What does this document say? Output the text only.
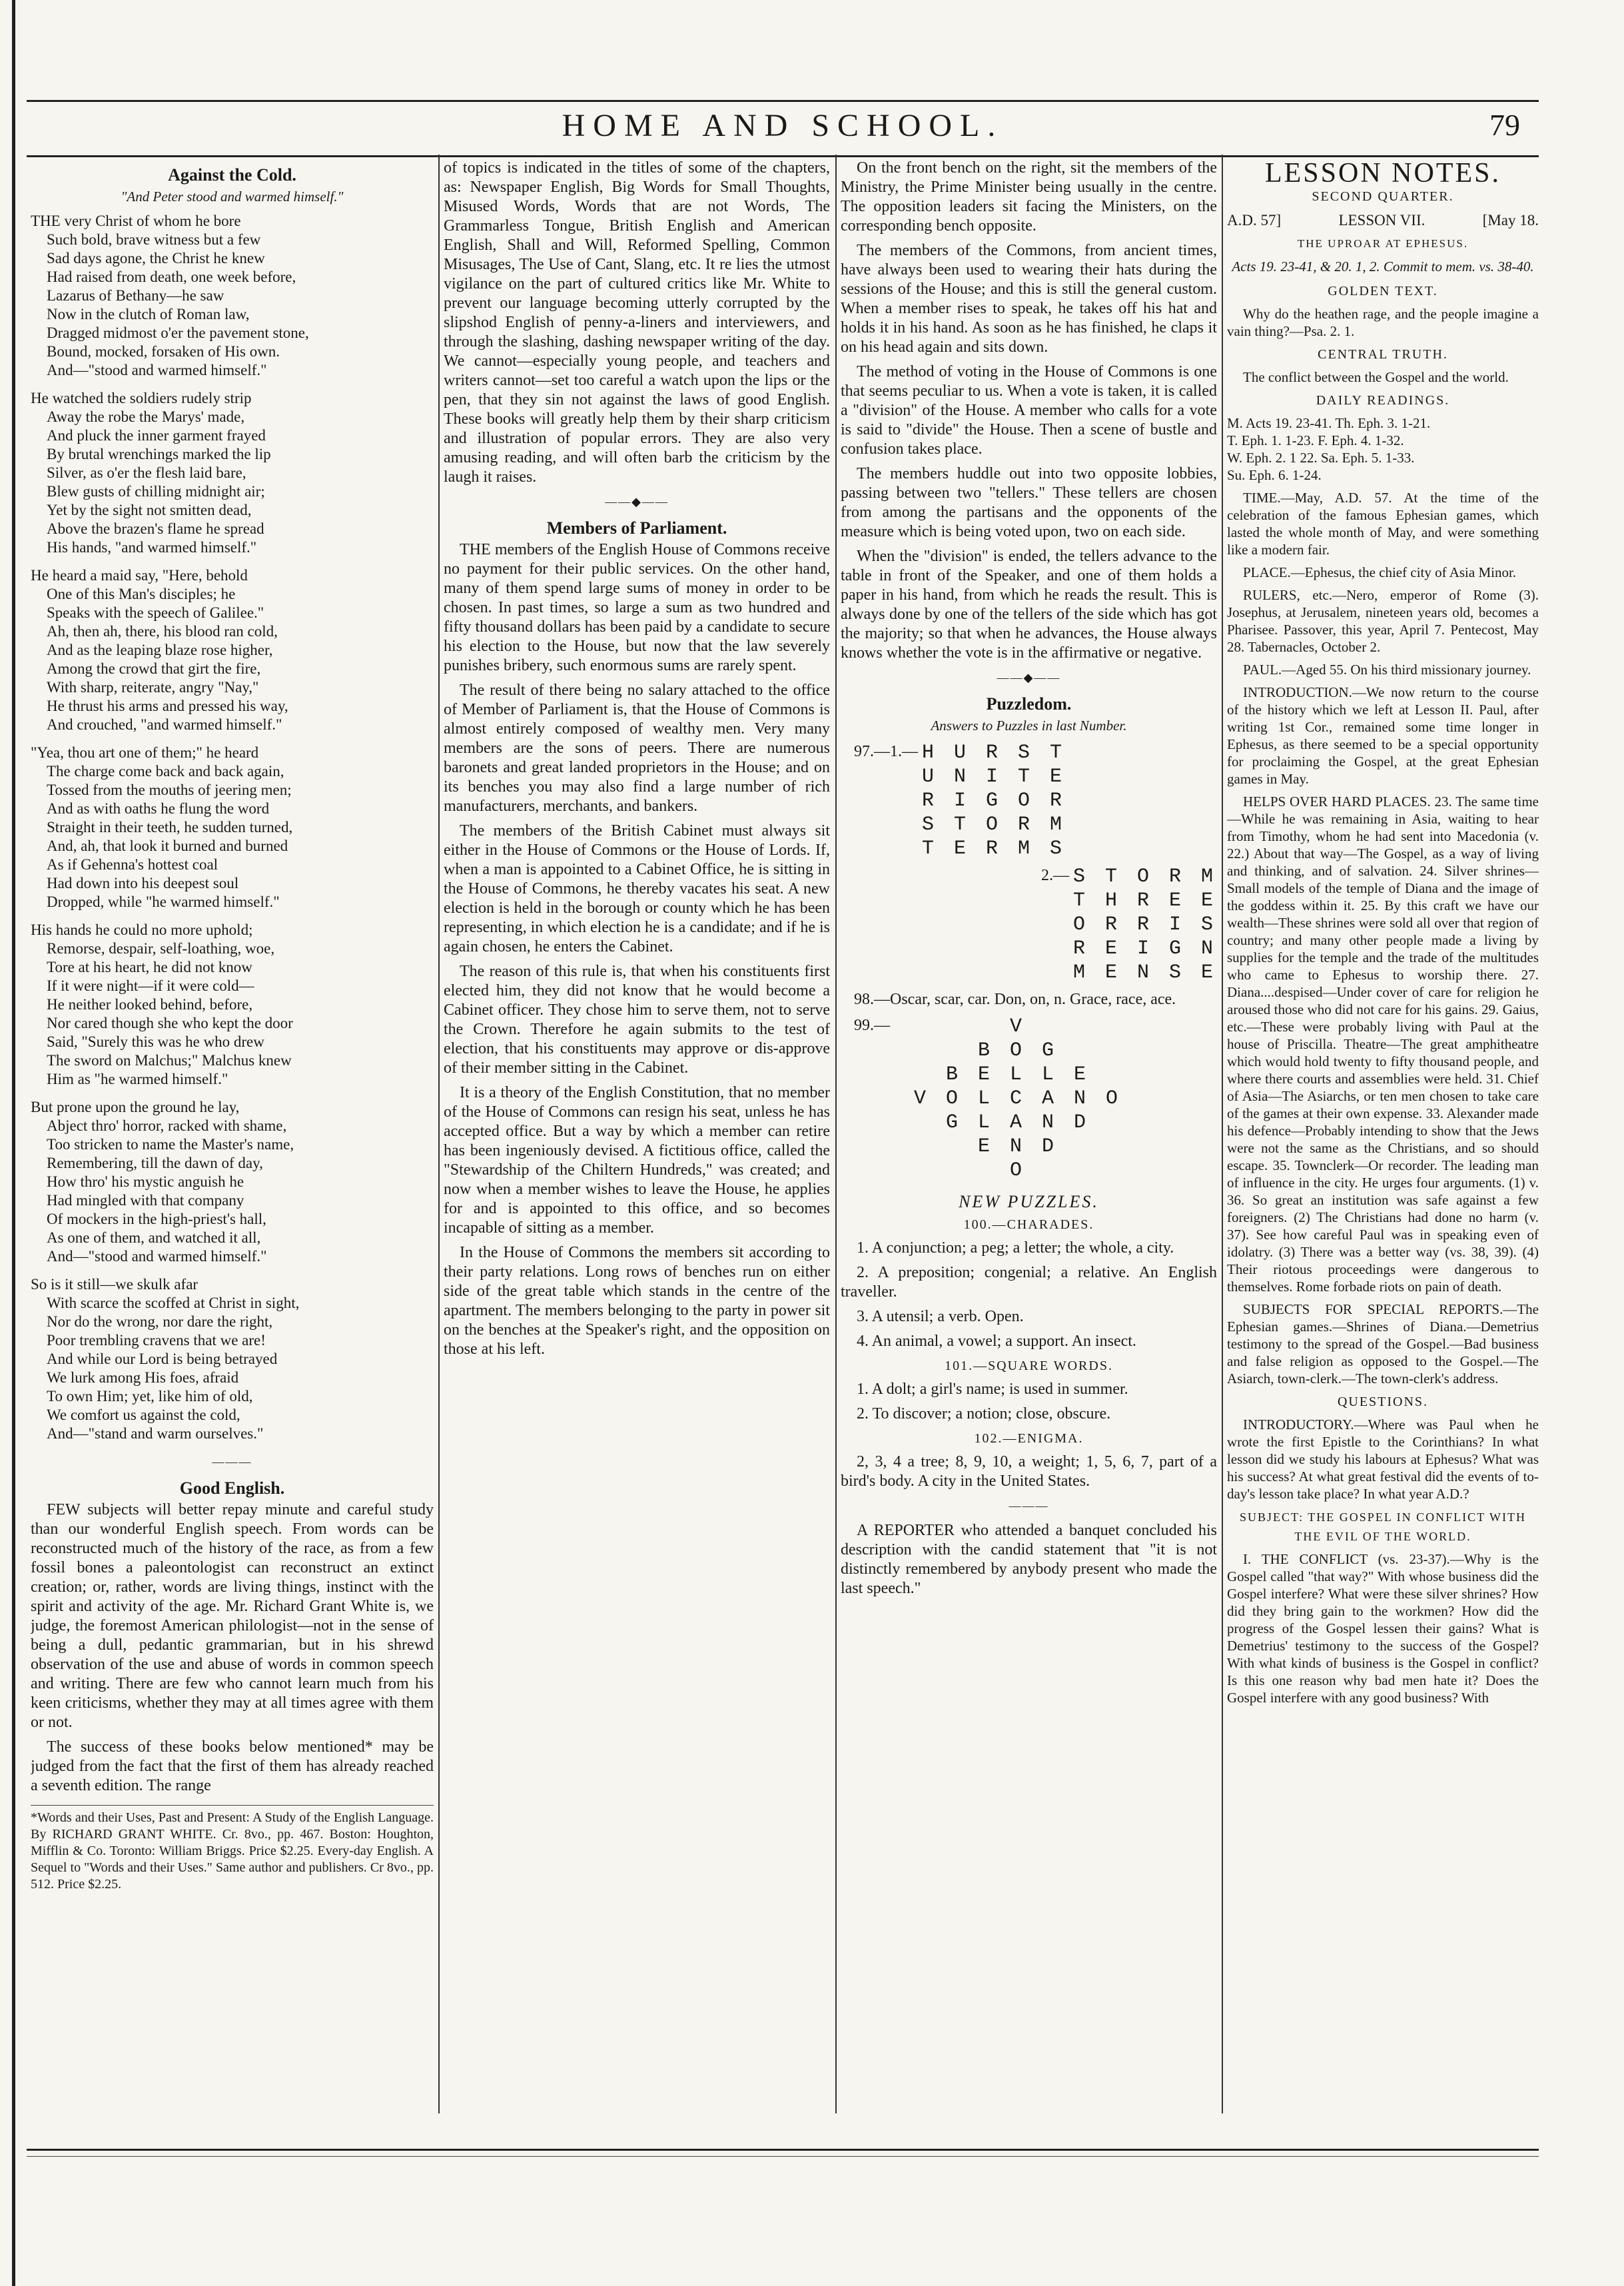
HOME AND SCHOOL.	79
Against the Cold.
"And Peter stood and warmed himself."
THE very Christ of whom he bore
Such bold, brave witness but a few
Sad days agone, the Christ he knew
Had raised from death, one week before,
Lazarus of Bethany—he saw
Now in the clutch of Roman law,
Dragged midmost o'er the pavement stone,
Bound, mocked, forsaken of His own.
And—"stood and warmed himself."
He watched the soldiers rudely strip
Away the robe the Marys' made,
And pluck the inner garment frayed
By brutal wrenchings marked the lip
Silver, as o'er the flesh laid bare,
Blew gusts of chilling midnight air;
Yet by the sight not smitten dead,
Above the brazen's flame he spread
His hands, "and warmed himself."
He heard a maid say, "Here, behold
One of this Man's disciples; he
Speaks with the speech of Galilee."
Ah, then ah, there, his blood ran cold,
And as the leaping blaze rose higher,
Among the crowd that girt the fire,
With sharp, reiterate, angry "Nay,"
He thrust his arms and pressed his way,
And crouched, "and warmed himself."
"Yea, thou art one of them;" he heard
The charge come back and back again,
Tossed from the mouths of jeering men;
And as with oaths he flung the word
Straight in their teeth, he sudden turned,
And, ah, that look it burned and burned
As if Gehenna's hottest coal
Had down into his deepest soul
Dropped, while "he warmed himself."
His hands he could no more uphold;
Remorse, despair, self-loathing, woe,
Tore at his heart, he did not know
If it were night—if it were cold—
He neither looked behind, before,
Nor cared though she who kept the door
Said, "Surely this was he who drew
The sword on Malchus;" Malchus knew
Him as "he warmed himself."
But prone upon the ground he lay,
Abject thro' horror, racked with shame,
Too stricken to name the Master's name,
Remembering, till the dawn of day,
How thro' his mystic anguish he
Had mingled with that company
Of mockers in the high-priest's hall,
As one of them, and watched it all,
And—"stood and warmed himself."
So is it still—we skulk afar
With scarce the scoffed at Christ in sight,
Nor do the wrong, nor dare the right,
Poor trembling cravens that we are!
And while our Lord is being betrayed
We lurk among His foes, afraid
To own Him; yet, like him of old,
We comfort us against the cold,
And—"stand and warm ourselves."
———
Good English.

FEW subjects will better repay minute and careful study than our wonderful English speech. From words can be reconstructed much of the history of the race, as from a few fossil bones a paleontologist can reconstruct an extinct creation; or, rather, words are living things, instinct with the spirit and activity of the age. Mr. Richard Grant White is, we judge, the foremost American philologist—not in the sense of being a dull, pedantic grammarian, but in his shrewd observation of the use and abuse of words in common speech and writing. There are few who cannot learn much from his keen criticisms, whether they may at all times agree with them or not.

The success of these books below mentioned* may be judged from the fact that the first of them has already reached a seventh edition. The range

*Words and their Uses, Past and Present: A Study of the English Language. By RICHARD GRANT WHITE. Cr. 8vo., pp. 467. Boston: Houghton, Mifflin & Co. Toronto: William Briggs. Price $2.25. Every-day English. A Sequel to "Words and their Uses." Same author and publishers. Cr 8vo., pp. 512. Price $2.25.

of topics is indicated in the titles of some of the chapters, as: Newspaper English, Big Words for Small Thoughts, Misused Words, Words that are not Words, The Grammarless Tongue, British English and American English, Shall and Will, Reformed Spelling, Common Misusages, The Use of Cant, Slang, etc. It re lies the utmost vigilance on the part of cultured critics like Mr. White to prevent our language becoming utterly corrupted by the slipshod English of penny-a-liners and interviewers, and through the slashing, dashing newspaper writing of the day. We cannot—especially young people, and teachers and writers cannot—set too careful a watch upon the lips or the pen, that they sin not against the laws of good English. These books will greatly help them by their sharp criticism and illustration of popular errors. They are also very amusing reading, and will often barb the criticism by the laugh it raises.

——◆——
Members of Parliament.

THE members of the English House of Commons receive no payment for their public services. On the other hand, many of them spend large sums of money in order to be chosen. In past times, so large a sum as two hundred and fifty thousand dollars has been paid by a candidate to secure his election to the House, but now that the law severely punishes bribery, such enormous sums are rarely spent.

The result of there being no salary attached to the office of Member of Parliament is, that the House of Commons is almost entirely composed of wealthy men. Very many members are the sons of peers. There are numerous baronets and great landed proprietors in the House; and on its benches you may also find a large number of rich manufacturers, merchants, and bankers.

The members of the British Cabinet must always sit either in the House of Commons or the House of Lords. If, when a man is appointed to a Cabinet Office, he is sitting in the House of Commons, he thereby vacates his seat. A new election is held in the borough or county which he has been representing, in which election he is a candidate; and if he is again chosen, he enters the Cabinet.

The reason of this rule is, that when his constituents first elected him, they did not know that he would become a Cabinet officer. They chose him to serve them, not to serve the Crown. Therefore he again submits to the test of election, that his constituents may approve or dis-approve of their member sitting in the Cabinet.

It is a theory of the English Constitution, that no member of the House of Commons can resign his seat, unless he has accepted office. But a way by which a member can retire has been ingeniously devised. A fictitious office, called the "Stewardship of the Chiltern Hundreds," was created; and now when a member wishes to leave the House, he applies for and is appointed to this office, and so becomes incapable of sitting as a member.

In the House of Commons the members sit according to their party relations. Long rows of benches run on either side of the great table which stands in the centre of the apartment. The members belonging to the party in power sit on the benches at the Speaker's right, and the opposition on those at his left.

On the front bench on the right, sit the members of the Ministry, the Prime Minister being usually in the centre. The opposition leaders sit facing the Ministers, on the corresponding bench opposite.

The members of the Commons, from ancient times, have always been used to wearing their hats during the sessions of the House; and this is still the general custom. When a member rises to speak, he takes off his hat and holds it in his hand. As soon as he has finished, he claps it on his head again and sits down.

The method of voting in the House of Commons is one that seems peculiar to us. When a vote is taken, it is called a "division" of the House. A member who calls for a vote is said to "divide" the House. Then a scene of bustle and confusion takes place.

The members huddle out into two opposite lobbies, passing between two "tellers." These tellers are chosen from among the partisans and the opponents of the measure which is being voted upon, two on each side.

When the "division" is ended, the tellers advance to the table in front of the Speaker, and one of them holds a paper in his hand, from which he reads the result. This is always done by one of the tellers of the side which has got the majority; so that when he advances, the House always knows whether the vote is in the affirmative or negative.

——◆——
Puzzledom.
Answers to Puzzles in last Number.
97.—1.— H U R S T
U N I T E
R I G O R
S T O R M
T E R M S
2.— S T O R M
T H R E E
O R R I S
R E I G N
M E N S E

98.—Oscar, scar, car. Don, on, n. Grace, race, ace.

99.—	V
B O G
B E L L E
V O L C A N O
G L A N D
E N D
O
NEW PUZZLES.
100.—CHARADES.

1. A conjunction; a peg; a letter; the whole, a city.

2. A preposition; congenial; a relative. An English traveller.

3. A utensil; a verb. Open.

4. An animal, a vowel; a support. An insect.

101.—SQUARE WORDS.

1. A dolt; a girl's name; is used in summer.

2. To discover; a notion; close, obscure.

102.—ENIGMA.

2, 3, 4 a tree; 8, 9, 10, a weight; 1, 5, 6, 7, part of a bird's body. A city in the United States.

———

A REPORTER who attended a banquet concluded his description with the candid statement that "it is not distinctly remembered by anybody present who made the last speech."

LESSON NOTES.
SECOND QUARTER.
A.D. 57]	LESSON VII.	[May 18.
THE UPROAR AT EPHESUS.
Acts 19. 23-41, & 20. 1, 2. Commit to mem. vs. 38-40.
GOLDEN TEXT.

Why do the heathen rage, and the people imagine a vain thing?—Psa. 2. 1.

CENTRAL TRUTH.

The conflict between the Gospel and the world.

DAILY READINGS.
M. Acts 19. 23-41. Th. Eph. 3. 1-21.
T. Eph. 1. 1-23. F. Eph. 4. 1-32.
W. Eph. 2. 1 22. Sa. Eph. 5. 1-33.
Su. Eph. 6. 1-24.

TIME.—May, A.D. 57. At the time of the celebration of the famous Ephesian games, which lasted the whole month of May, and were something like a modern fair.

PLACE.—Ephesus, the chief city of Asia Minor.

RULERS, etc.—Nero, emperor of Rome (3). Josephus, at Jerusalem, nineteen years old, becomes a Pharisee. Passover, this year, April 7. Pentecost, May 28. Tabernacles, October 2.

PAUL.—Aged 55. On his third missionary journey.

INTRODUCTION.—We now return to the course of the history which we left at Lesson II. Paul, after writing 1st Cor., remained some time longer in Ephesus, as there seemed to be a special opportunity for proclaiming the Gospel, at the great Ephesian games in May.

HELPS OVER HARD PLACES. 23. The same time—While he was remaining in Asia, waiting to hear from Timothy, whom he had sent into Macedonia (v. 22.) About that way—The Gospel, as a way of living and thinking, and of salvation. 24. Silver shrines—Small models of the temple of Diana and the image of the goddess within it. 25. By this craft we have our wealth—These shrines were sold all over that region of country; and many other people made a living by supplies for the temple and the trade of the multitudes who came to Ephesus to worship there. 27. Diana....despised—Under cover of care for religion he aroused those who did not care for his gains. 29. Gaius, etc.—These were probably living with Paul at the house of Priscilla. Theatre—The great amphitheatre which would hold twenty to fifty thousand people, and where there courts and assemblies were held. 31. Chief of Asia—The Asiarchs, or ten men chosen to take care of the games at their own expense. 33. Alexander made his defence—Probably intending to show that the Jews were not the same as the Christians, and so should escape. 35. Townclerk—Or recorder. The leading man of influence in the city. He urges four arguments. (1) v. 36. So great an institution was safe against a few foreigners. (2) The Christians had done no harm (v. 37). See how careful Paul was in speaking even of idolatry. (3) There was a better way (vs. 38, 39). (4) Their riotous proceedings were dangerous to themselves. Rome forbade riots on pain of death.

SUBJECTS FOR SPECIAL REPORTS.—The Ephesian games.—Shrines of Diana.—Demetrius testimony to the spread of the Gospel.—Bad business and false religion as opposed to the Gospel.—The Asiarch, town-clerk.—The town-clerk's address.

QUESTIONS.

INTRODUCTORY.—Where was Paul when he wrote the first Epistle to the Corinthians? In what lesson did we study his labours at Ephesus? What was his success? At what great festival did the events of to-day's lesson take place? In what year A.D.?

SUBJECT: THE GOSPEL IN CONFLICT WITH THE EVIL OF THE WORLD.

I. THE CONFLICT (vs. 23-37).—Why is the Gospel called "that way?" With whose business did the Gospel interfere? What were these silver shrines? How did they bring gain to the workmen? How did the progress of the Gospel lessen their gains? What is Demetrius' testimony to the success of the Gospel? With what kinds of business is the Gospel in conflict? Is this one reason why bad men hate it? Does the Gospel interfere with any good business? With
